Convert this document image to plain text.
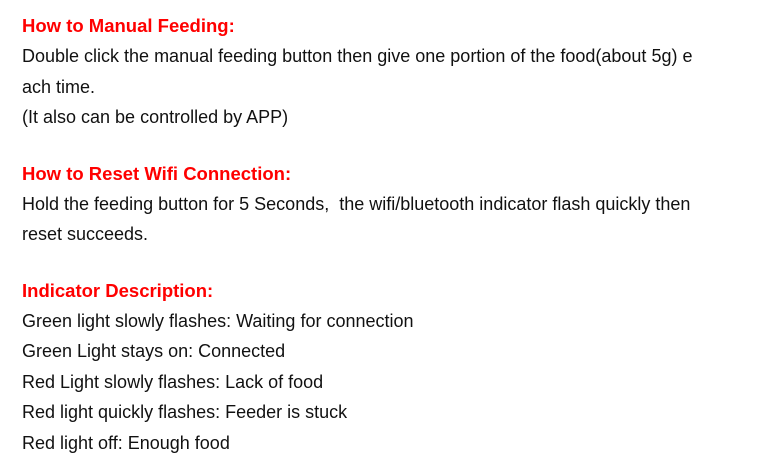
How to Manual Feeding:
Double click the manual feeding button then give one portion of the food(about 5g) e
ach time.
(It also can be controlled by APP)
How to Reset Wifi Connection:
Hold the feeding button for 5 Seconds,  the wifi/bluetooth indicator flash quickly then
reset succeeds.
Indicator Description:
Green light slowly flashes: Waiting for connection
Green Light stays on: Connected
Red Light slowly flashes: Lack of food
Red light quickly flashes: Feeder is stuck
Red light off: Enough food
